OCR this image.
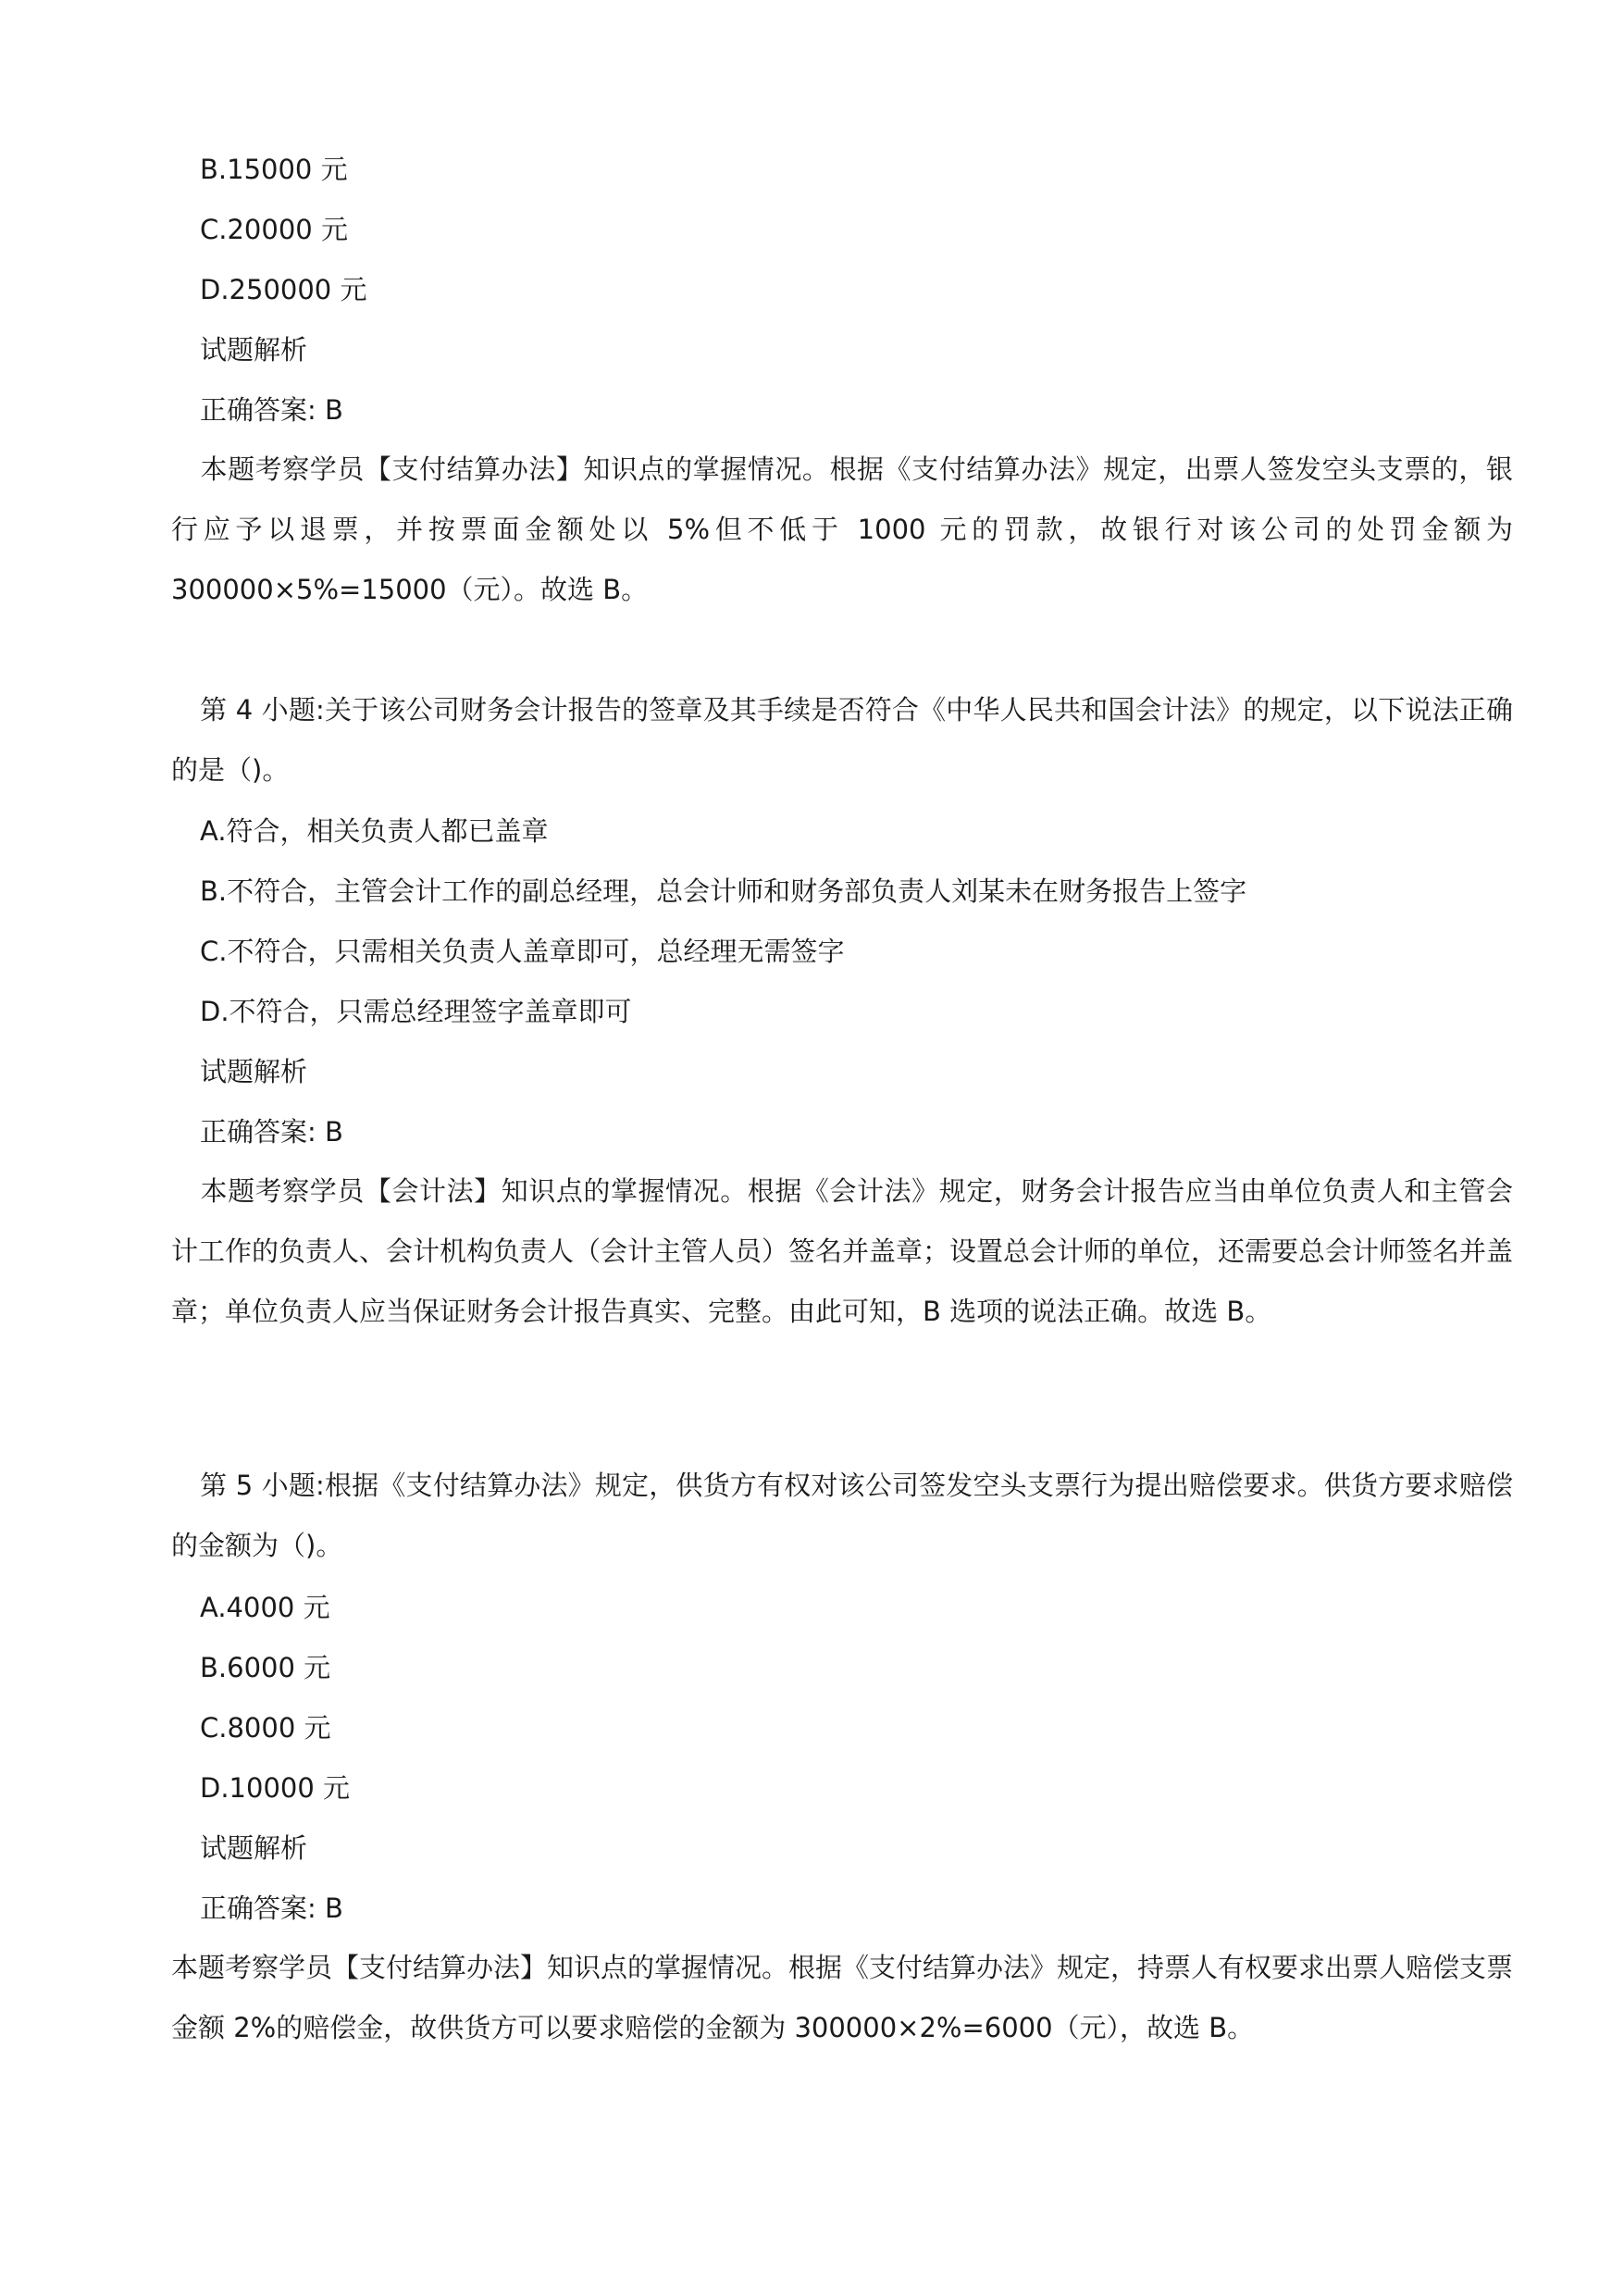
B.15000 元
C.20000 元
D.250000 元
试题解析
正确答案: B
本题考察学员【支付结算办法】知识点的掌握情况。根据《支付结算办法》规定，出票人签发空头支票的，银行应予以退票，并按票面金额处以 5%但不低于 1000 元的罚款，故银行对该公司的处罚金额为 300000×5%=15000（元）。故选 B。
第 4 小题:关于该公司财务会计报告的签章及其手续是否符合《中华人民共和国会计法》的规定，以下说法正确的是（)。
A.符合，相关负责人都已盖章
B.不符合，主管会计工作的副总经理，总会计师和财务部负责人刘某未在财务报告上签字
C.不符合，只需相关负责人盖章即可，总经理无需签字
D.不符合，只需总经理签字盖章即可
试题解析
正确答案: B
本题考察学员【会计法】知识点的掌握情况。根据《会计法》规定，财务会计报告应当由单位负责人和主管会计工作的负责人、会计机构负责人（会计主管人员）签名并盖章；设置总会计师的单位，还需要总会计师签名并盖章；单位负责人应当保证财务会计报告真实、完整。由此可知，B 选项的说法正确。故选 B。
第 5 小题:根据《支付结算办法》规定，供货方有权对该公司签发空头支票行为提出赔偿要求。供货方要求赔偿的金额为（)。
A.4000 元
B.6000 元
C.8000 元
D.10000 元
试题解析
正确答案: B
本题考察学员【支付结算办法】知识点的掌握情况。根据《支付结算办法》规定，持票人有权要求出票人赔偿支票金额 2%的赔偿金，故供货方可以要求赔偿的金额为 300000×2%=6000（元），故选 B。
